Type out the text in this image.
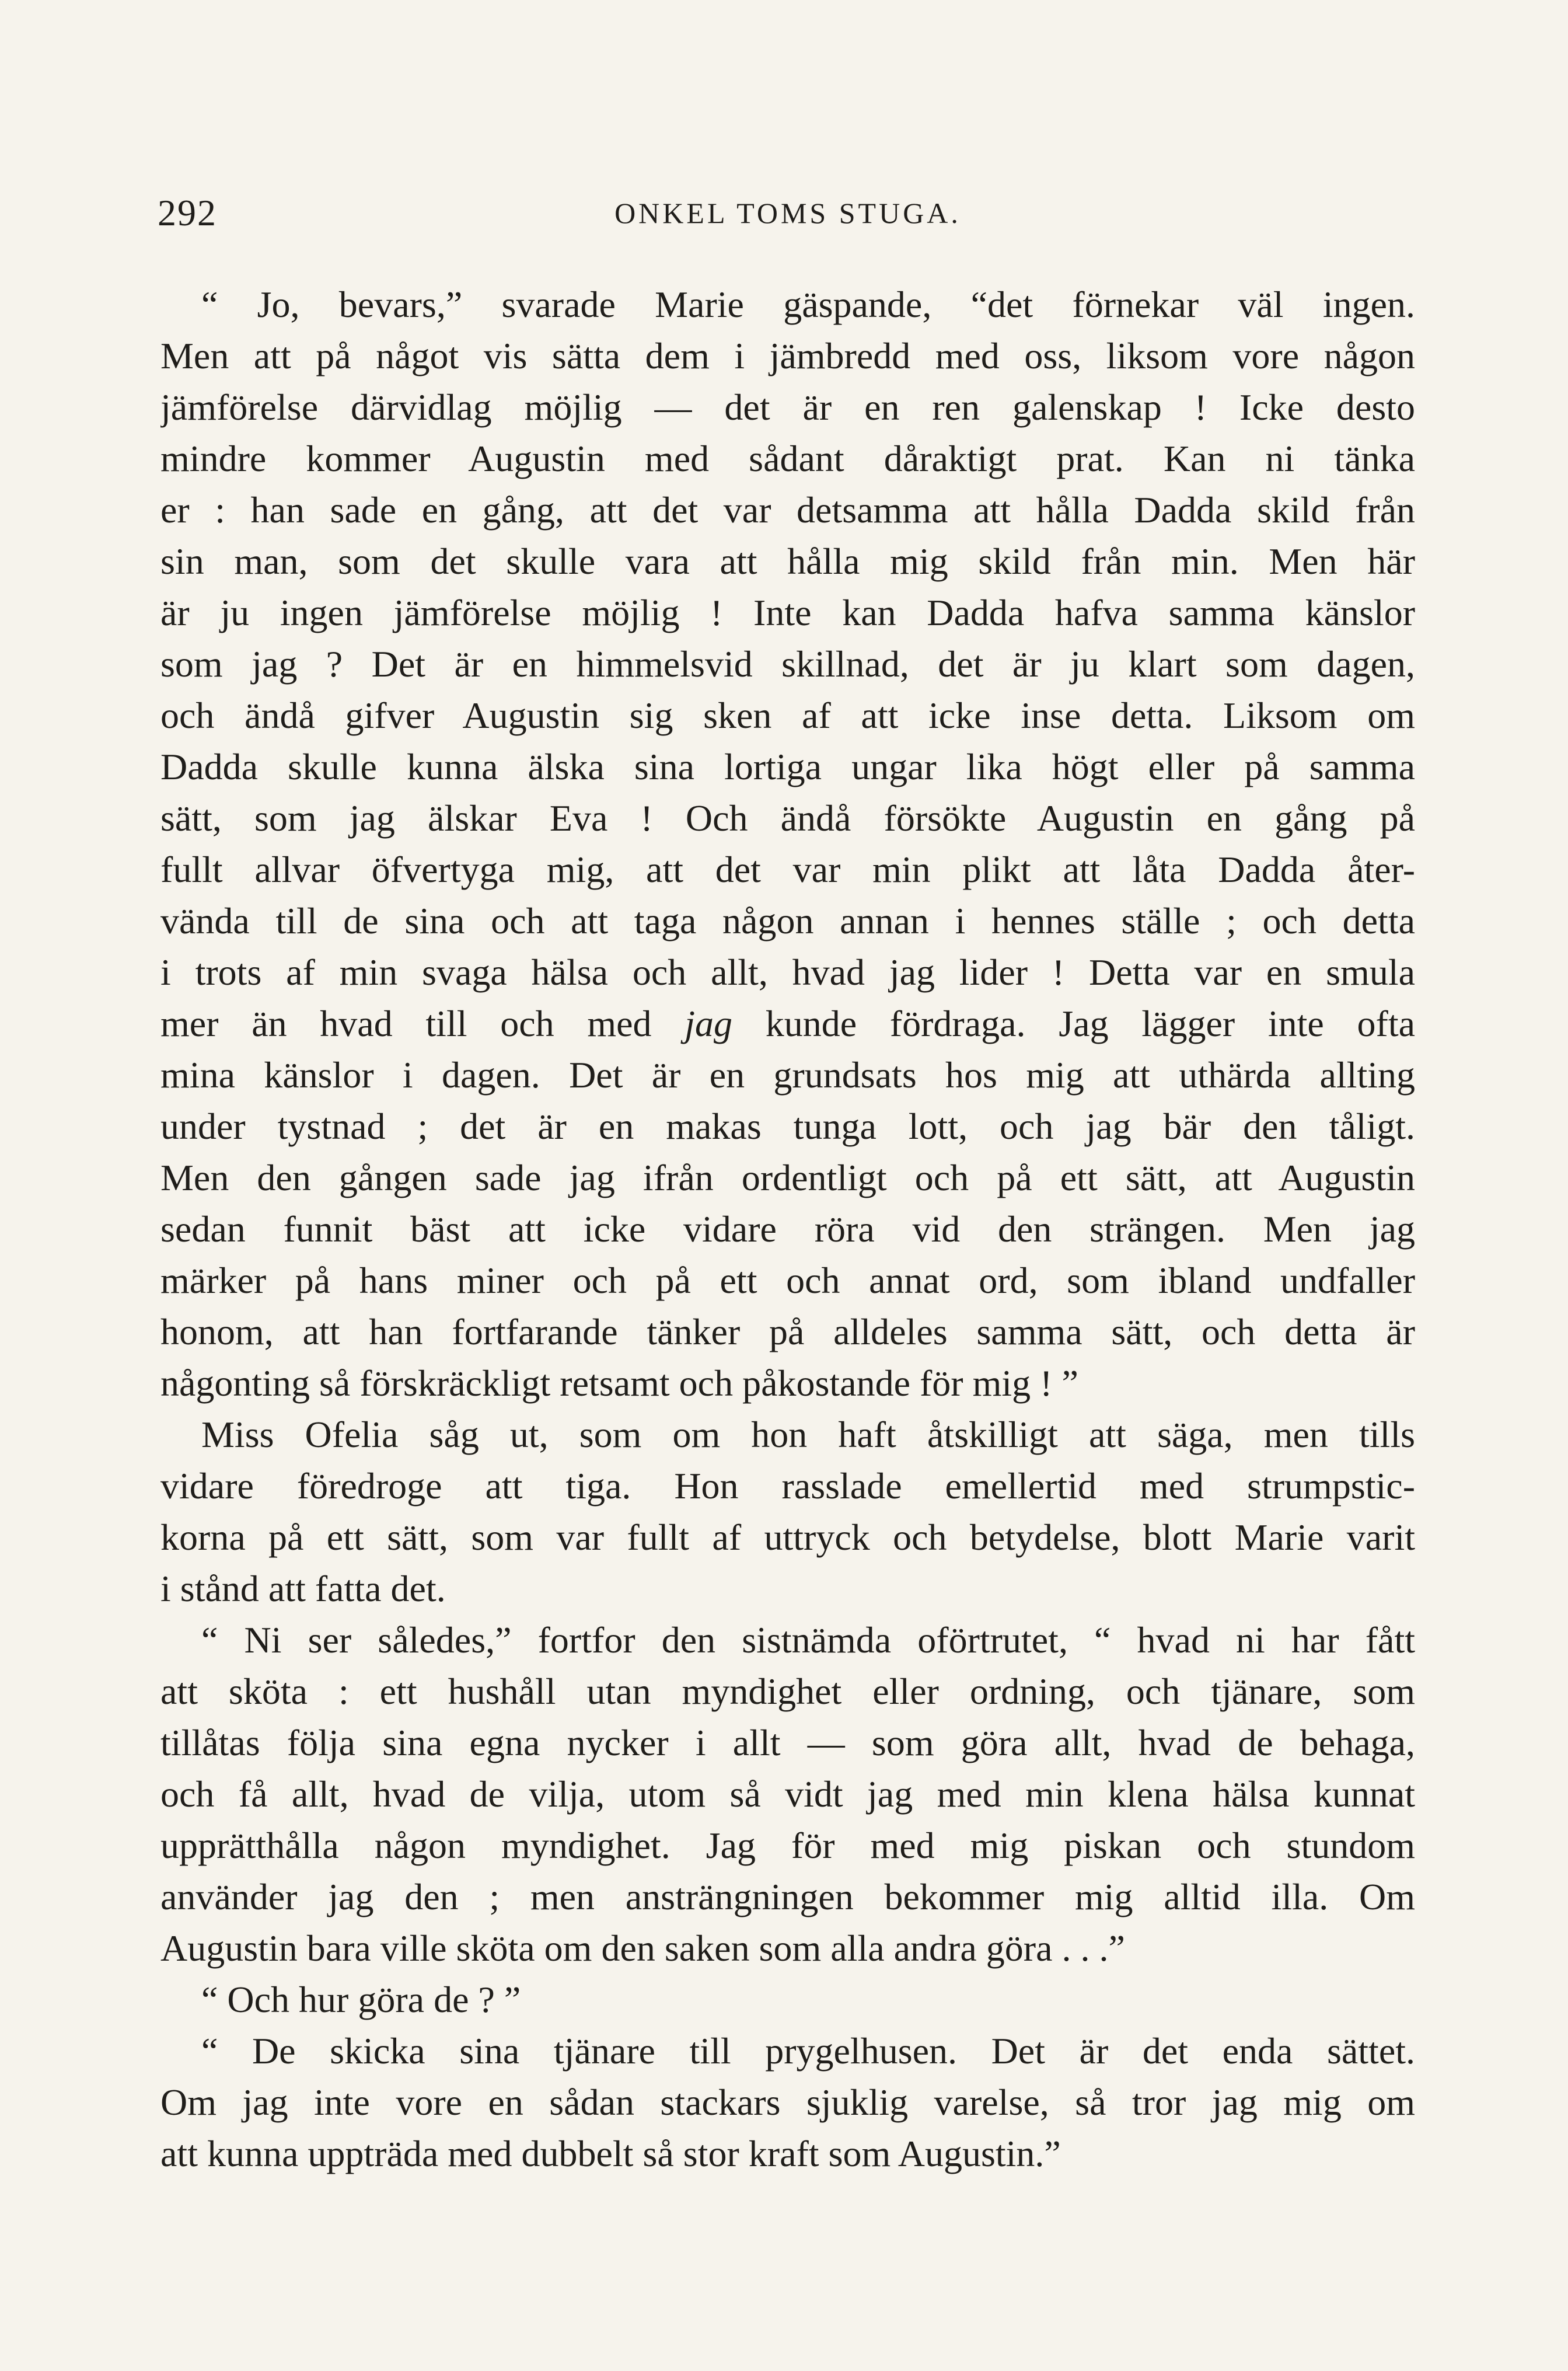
292	ONKEL TOMS STUGA.
“ Jo, bevars,” svarade Marie gäspande, “det förnekar väl ingen.
Men att på något vis sätta dem i jämbredd med oss, liksom vore någon
jämförelse därvidlag möjlig — det är en ren galenskap ! Icke desto
mindre kommer Augustin med sådant dåraktigt prat. Kan ni tänka
er : han sade en gång, att det var detsamma att hålla Dadda skild från
sin man, som det skulle vara att hålla mig skild från min. Men här
är ju ingen jämförelse möjlig ! Inte kan Dadda hafva samma känslor
som jag ? Det är en himmelsvid skillnad, det är ju klart som dagen,
och ändå gifver Augustin sig sken af att icke inse detta. Liksom om
Dadda skulle kunna älska sina lortiga ungar lika högt eller på samma
sätt, som jag älskar Eva ! Och ändå försökte Augustin en gång på
fullt allvar öfvertyga mig, att det var min plikt att låta Dadda åter-
vända till de sina och att taga någon annan i hennes ställe ; och detta
i trots af min svaga hälsa och allt, hvad jag lider ! Detta var en smula
mer än hvad till och med jag kunde fördraga. Jag lägger inte ofta
mina känslor i dagen. Det är en grundsats hos mig att uthärda allting
under tystnad ; det är en makas tunga lott, och jag bär den tåligt.
Men den gången sade jag ifrån ordentligt och på ett sätt, att Augustin
sedan funnit bäst att icke vidare röra vid den strängen. Men jag
märker på hans miner och på ett och annat ord, som ibland undfaller
honom, att han fortfarande tänker på alldeles samma sätt, och detta är
någonting så förskräckligt retsamt och påkostande för mig ! ”
Miss Ofelia såg ut, som om hon haft åtskilligt att säga, men tills
vidare föredroge att tiga. Hon rasslade emellertid med strumpstic-
korna på ett sätt, som var fullt af uttryck och betydelse, blott Marie varit
i stånd att fatta det.
“ Ni ser således,” fortfor den sistnämda oförtrutet, “ hvad ni har fått
att sköta : ett hushåll utan myndighet eller ordning, och tjänare, som
tillåtas följa sina egna nycker i allt — som göra allt, hvad de behaga,
och få allt, hvad de vilja, utom så vidt jag med min klena hälsa kunnat
upprätthålla någon myndighet. Jag för med mig piskan och stundom
använder jag den ; men ansträngningen bekommer mig alltid illa. Om
Augustin bara ville sköta om den saken som alla andra göra . . .”
“ Och hur göra de ? ”
“ De skicka sina tjänare till prygelhusen. Det är det enda sättet.
Om jag inte vore en sådan stackars sjuklig varelse, så tror jag mig om
att kunna uppträda med dubbelt så stor kraft som Augustin.”
